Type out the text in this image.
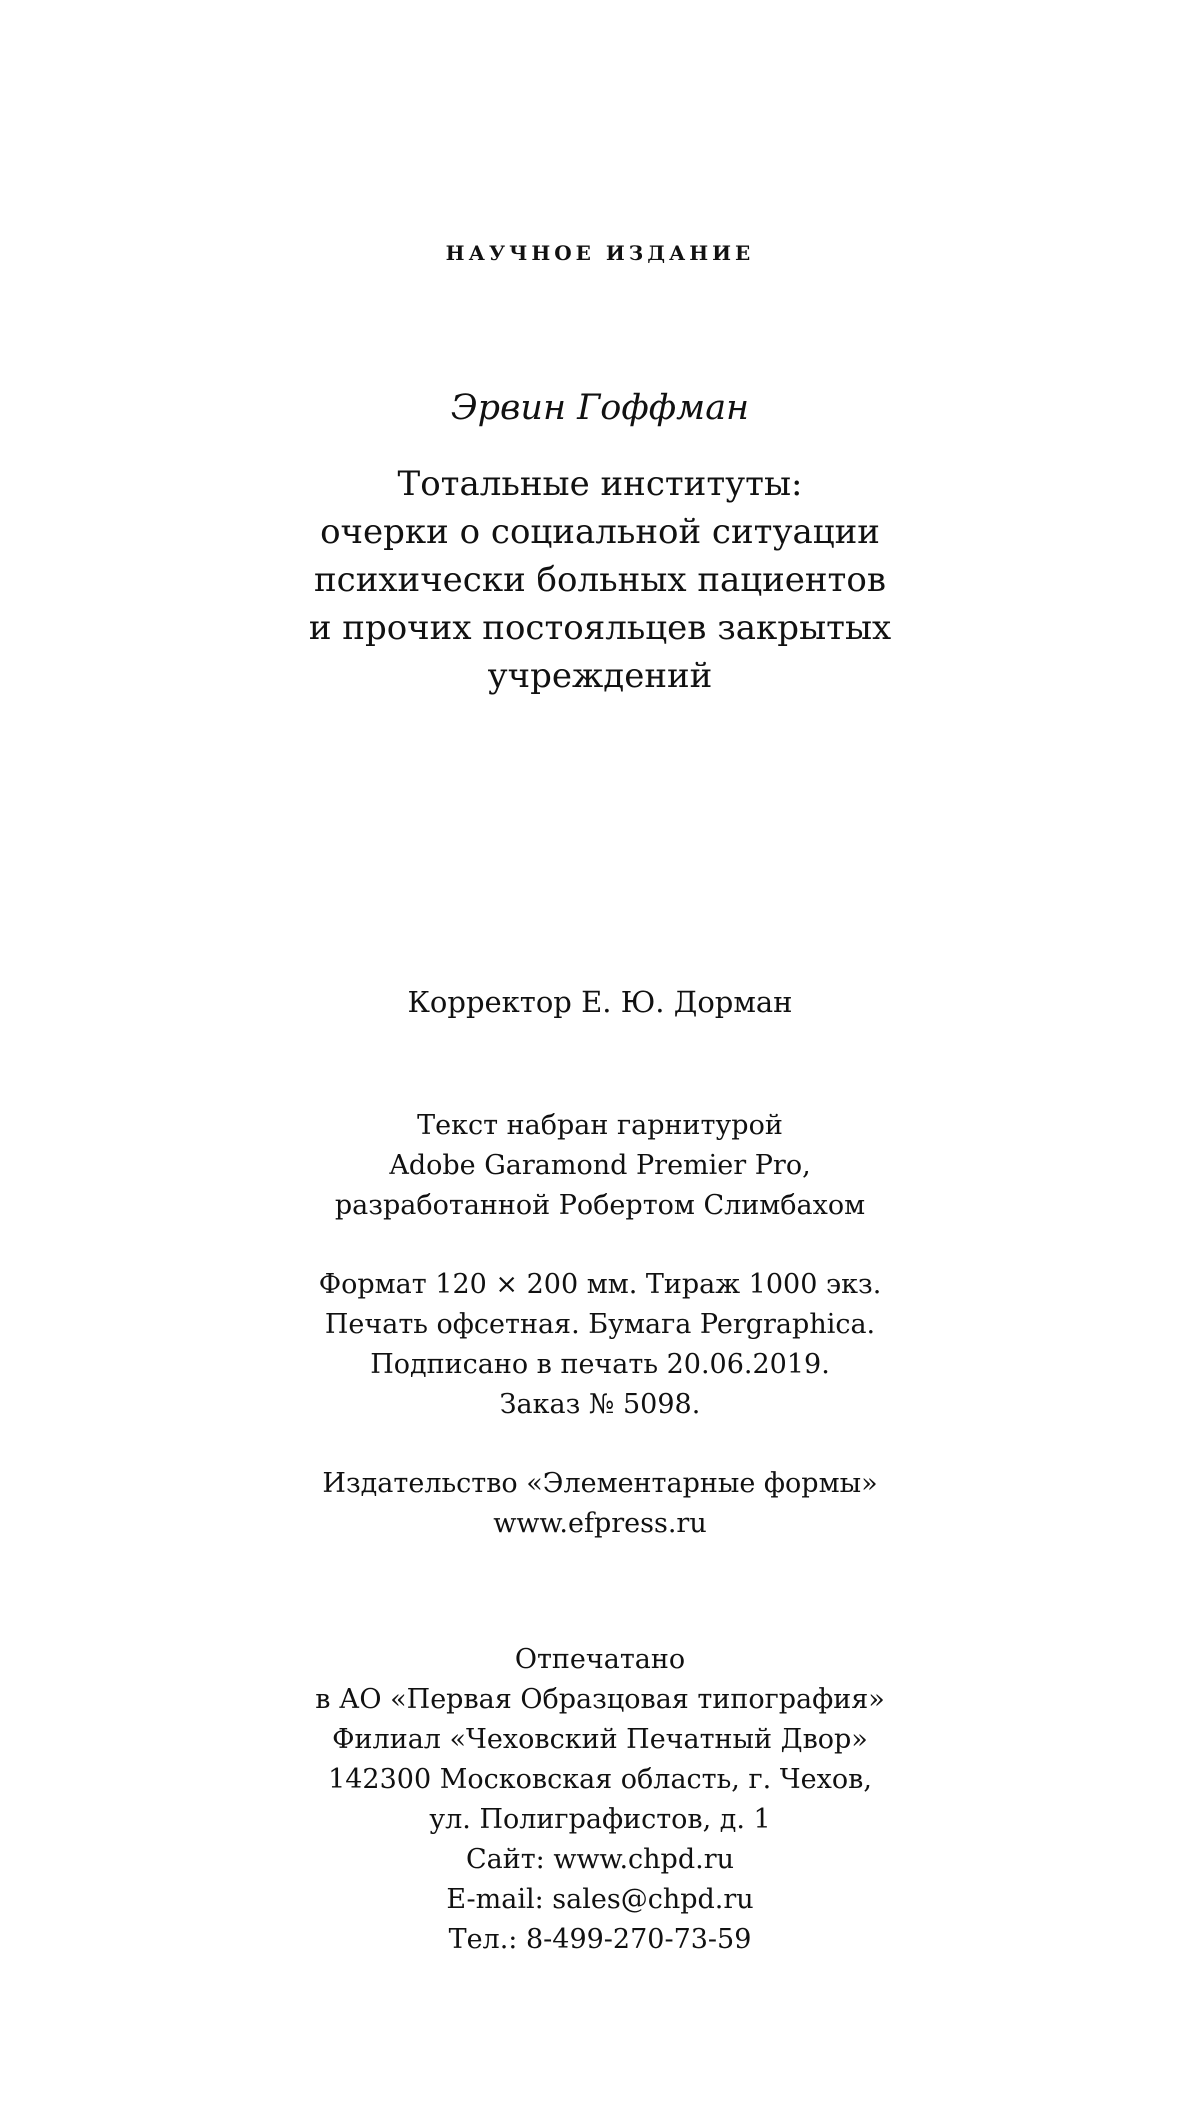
НАУЧНОЕ ИЗДАНИЕ

Эрвин Гоффман

Тотальные институты:
очерки о социальной ситуации
психически больных пациентов
и прочих постояльцев закрытых
учреждений

Корректор Е. Ю. Дорман

Текст набран гарнитурой
Adobe Garamond Premier Pro,
разработанной Робертом Слимбахом
Формат 120 × 200 мм. Тираж 1000 экз.
Печать офсетная. Бумага Pergraphica.
Подписано в печать 20.06.2019.
Заказ № 5098.
Издательство «Элементарные формы»
www.efpress.ru
Отпечатано
в АО «Первая Образцовая типография»
Филиал «Чеховский Печатный Двор»
142300 Московская область, г. Чехов,
ул. Полиграфистов, д. 1
Сайт: www.chpd.ru
E-mail: sales@chpd.ru
Тел.: 8-499-270-73-59
